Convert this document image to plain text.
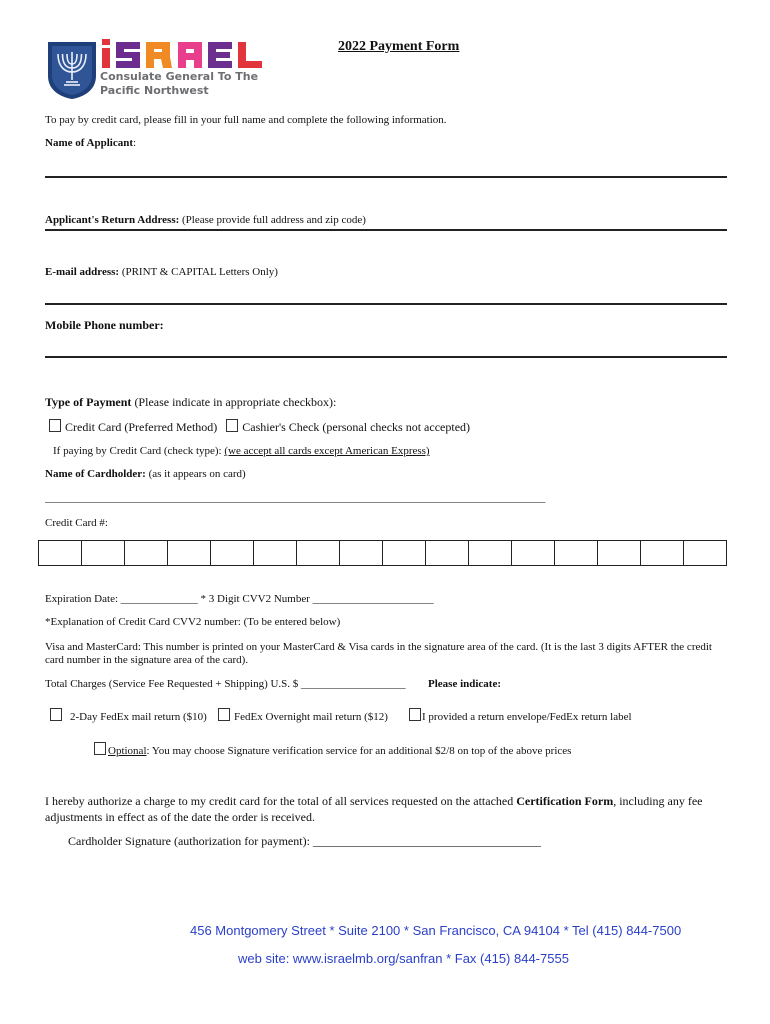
Consulate General To The
Pacific Northwest
2022 Payment Form
To pay by credit card, please fill in your full name and complete the following information.
Name of Applicant:
Applicant's Return Address: (Please provide full address and zip code)
E-mail address: (PRINT & CAPITAL Letters Only)
Mobile Phone number:
Type of Payment (Please indicate in appropriate checkbox):
Credit Card (Preferred Method) Cashier's Check (personal checks not accepted)
If paying by Credit Card (check type): (we accept all cards except American Express)
Name of Cardholder: (as it appears on card)
___________________________________________________________________________________________
Credit Card #:
Expiration Date: ______________ * 3 Digit CVV2 Number ______________________
*Explanation of Credit Card CVV2 number: (To be entered below)
Visa and MasterCard: This number is printed on your MasterCard & Visa cards in the signature area of the card. (It is the last 3 digits AFTER the credit card number in the signature area of the card).
Total Charges (Service Fee Requested + Shipping) U.S. $ ___________________ Please indicate:
2-Day FedEx mail return ($10)	FedEx Overnight mail return ($12)	I provided a return envelope/FedEx return label
Optional: You may choose Signature verification service for an additional $2/8 on top of the above prices
I hereby authorize a charge to my credit card for the total of all services requested on the attached Certification Form, including any fee adjustments in effect as of the date the order is received.
Cardholder Signature (authorization for payment): ______________________________________
456 Montgomery Street * Suite 2100 * San Francisco, CA 94104 * Tel (415) 844-7500
web site: www.israelmb.org/sanfran * Fax (415) 844-7555
